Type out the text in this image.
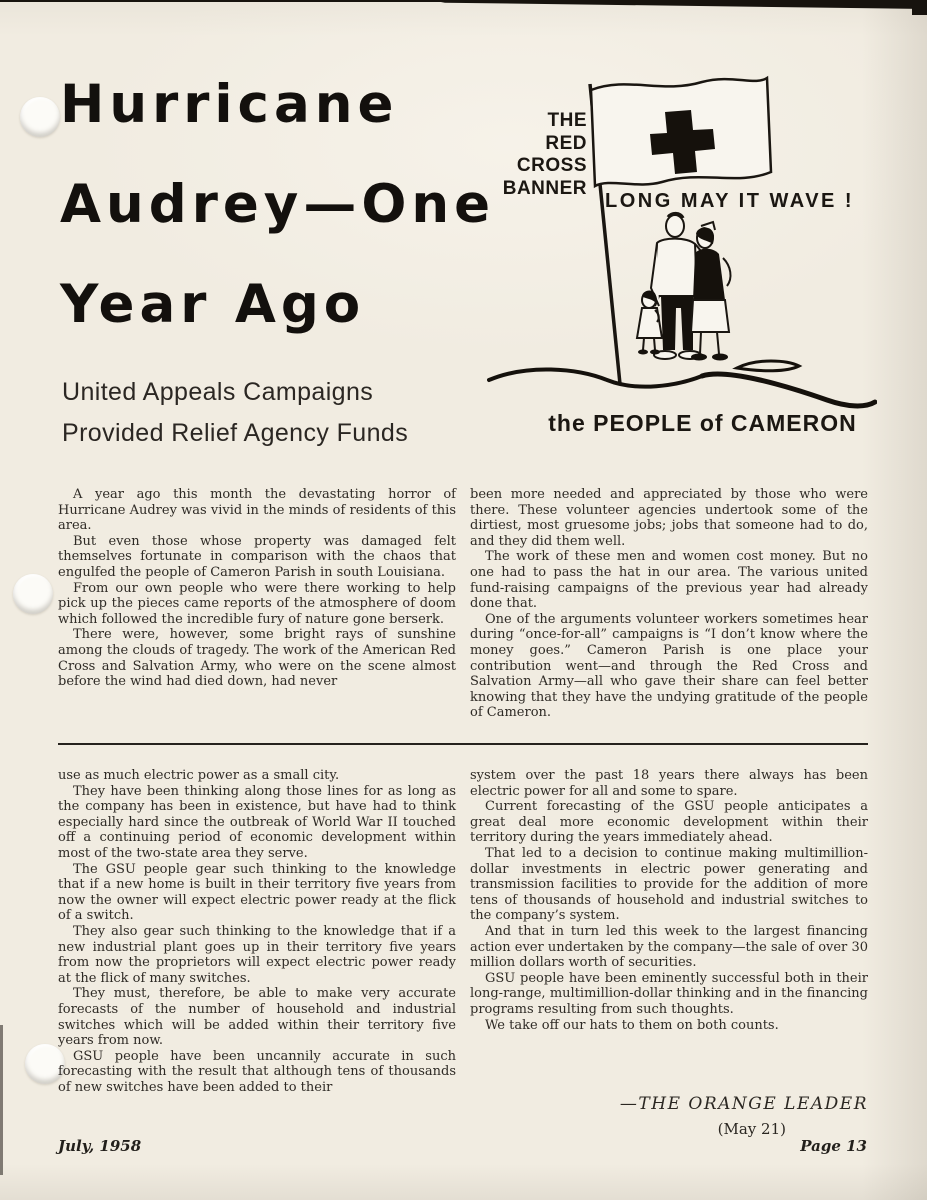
Hurricane
Audrey—One
Year Ago
United Appeals Campaigns
Provided Relief Agency Funds
THE
RED
CROSS
BANNER
LONG MAY IT WAVE !
the PEOPLE of CAMERON

A year ago this month the devastating horror of Hurricane Audrey was vivid in the minds of residents of this area.

But even those whose property was damaged felt themselves fortunate in comparison with the chaos that engulfed the people of Cameron Parish in south Louisiana.

From our own people who were there working to help pick up the pieces came reports of the atmosphere of doom which followed the incredible fury of nature gone berserk.

There were, however, some bright rays of sunshine among the clouds of tragedy. The work of the American Red Cross and Salvation Army, who were on the scene almost before the wind had died down, had never

been more needed and appreciated by those who were there. These volunteer agencies undertook some of the dirtiest, most gruesome jobs; jobs that someone had to do, and they did them well.

The work of these men and women cost money. But no one had to pass the hat in our area. The various united fund-raising campaigns of the previous year had already done that.

One of the arguments volunteer workers sometimes hear during “once-for-all” campaigns is “I don’t know where the money goes.” Cameron Parish is one place your contribution went—and through the Red Cross and Salvation Army—all who gave their share can feel better knowing that they have the undying gratitude of the people of Cameron.

use as much electric power as a small city.

They have been thinking along those lines for as long as the company has been in existence, but have had to think especially hard since the outbreak of World War II touched off a continuing period of economic development within most of the two-state area they serve.

The GSU people gear such thinking to the knowledge that if a new home is built in their territory five years from now the owner will expect electric power ready at the flick of a switch.

They also gear such thinking to the knowledge that if a new industrial plant goes up in their territory five years from now the proprietors will expect electric power ready at the flick of many switches.

They must, therefore, be able to make very accurate forecasts of the number of household and industrial switches which will be added within their territory five years from now.

GSU people have been uncannily accurate in such forecasting with the result that although tens of thousands of new switches have been added to their

system over the past 18 years there always has been electric power for all and some to spare.

Current forecasting of the GSU people anticipates a great deal more economic development within their territory during the years immediately ahead.

That led to a decision to continue making multimillion-dollar investments in electric power generating and transmission facilities to provide for the addition of more tens of thousands of household and industrial switches to the company’s system.

And that in turn led this week to the largest financing action ever undertaken by the company—the sale of over 30 million dollars worth of securities.

GSU people have been eminently successful both in their long-range, multimillion-dollar thinking and in the financing programs resulting from such thoughts.

We take off our hats to them on both counts.

—THE ORANGE LEADER
(May 21)
July, 1958	Page 13
